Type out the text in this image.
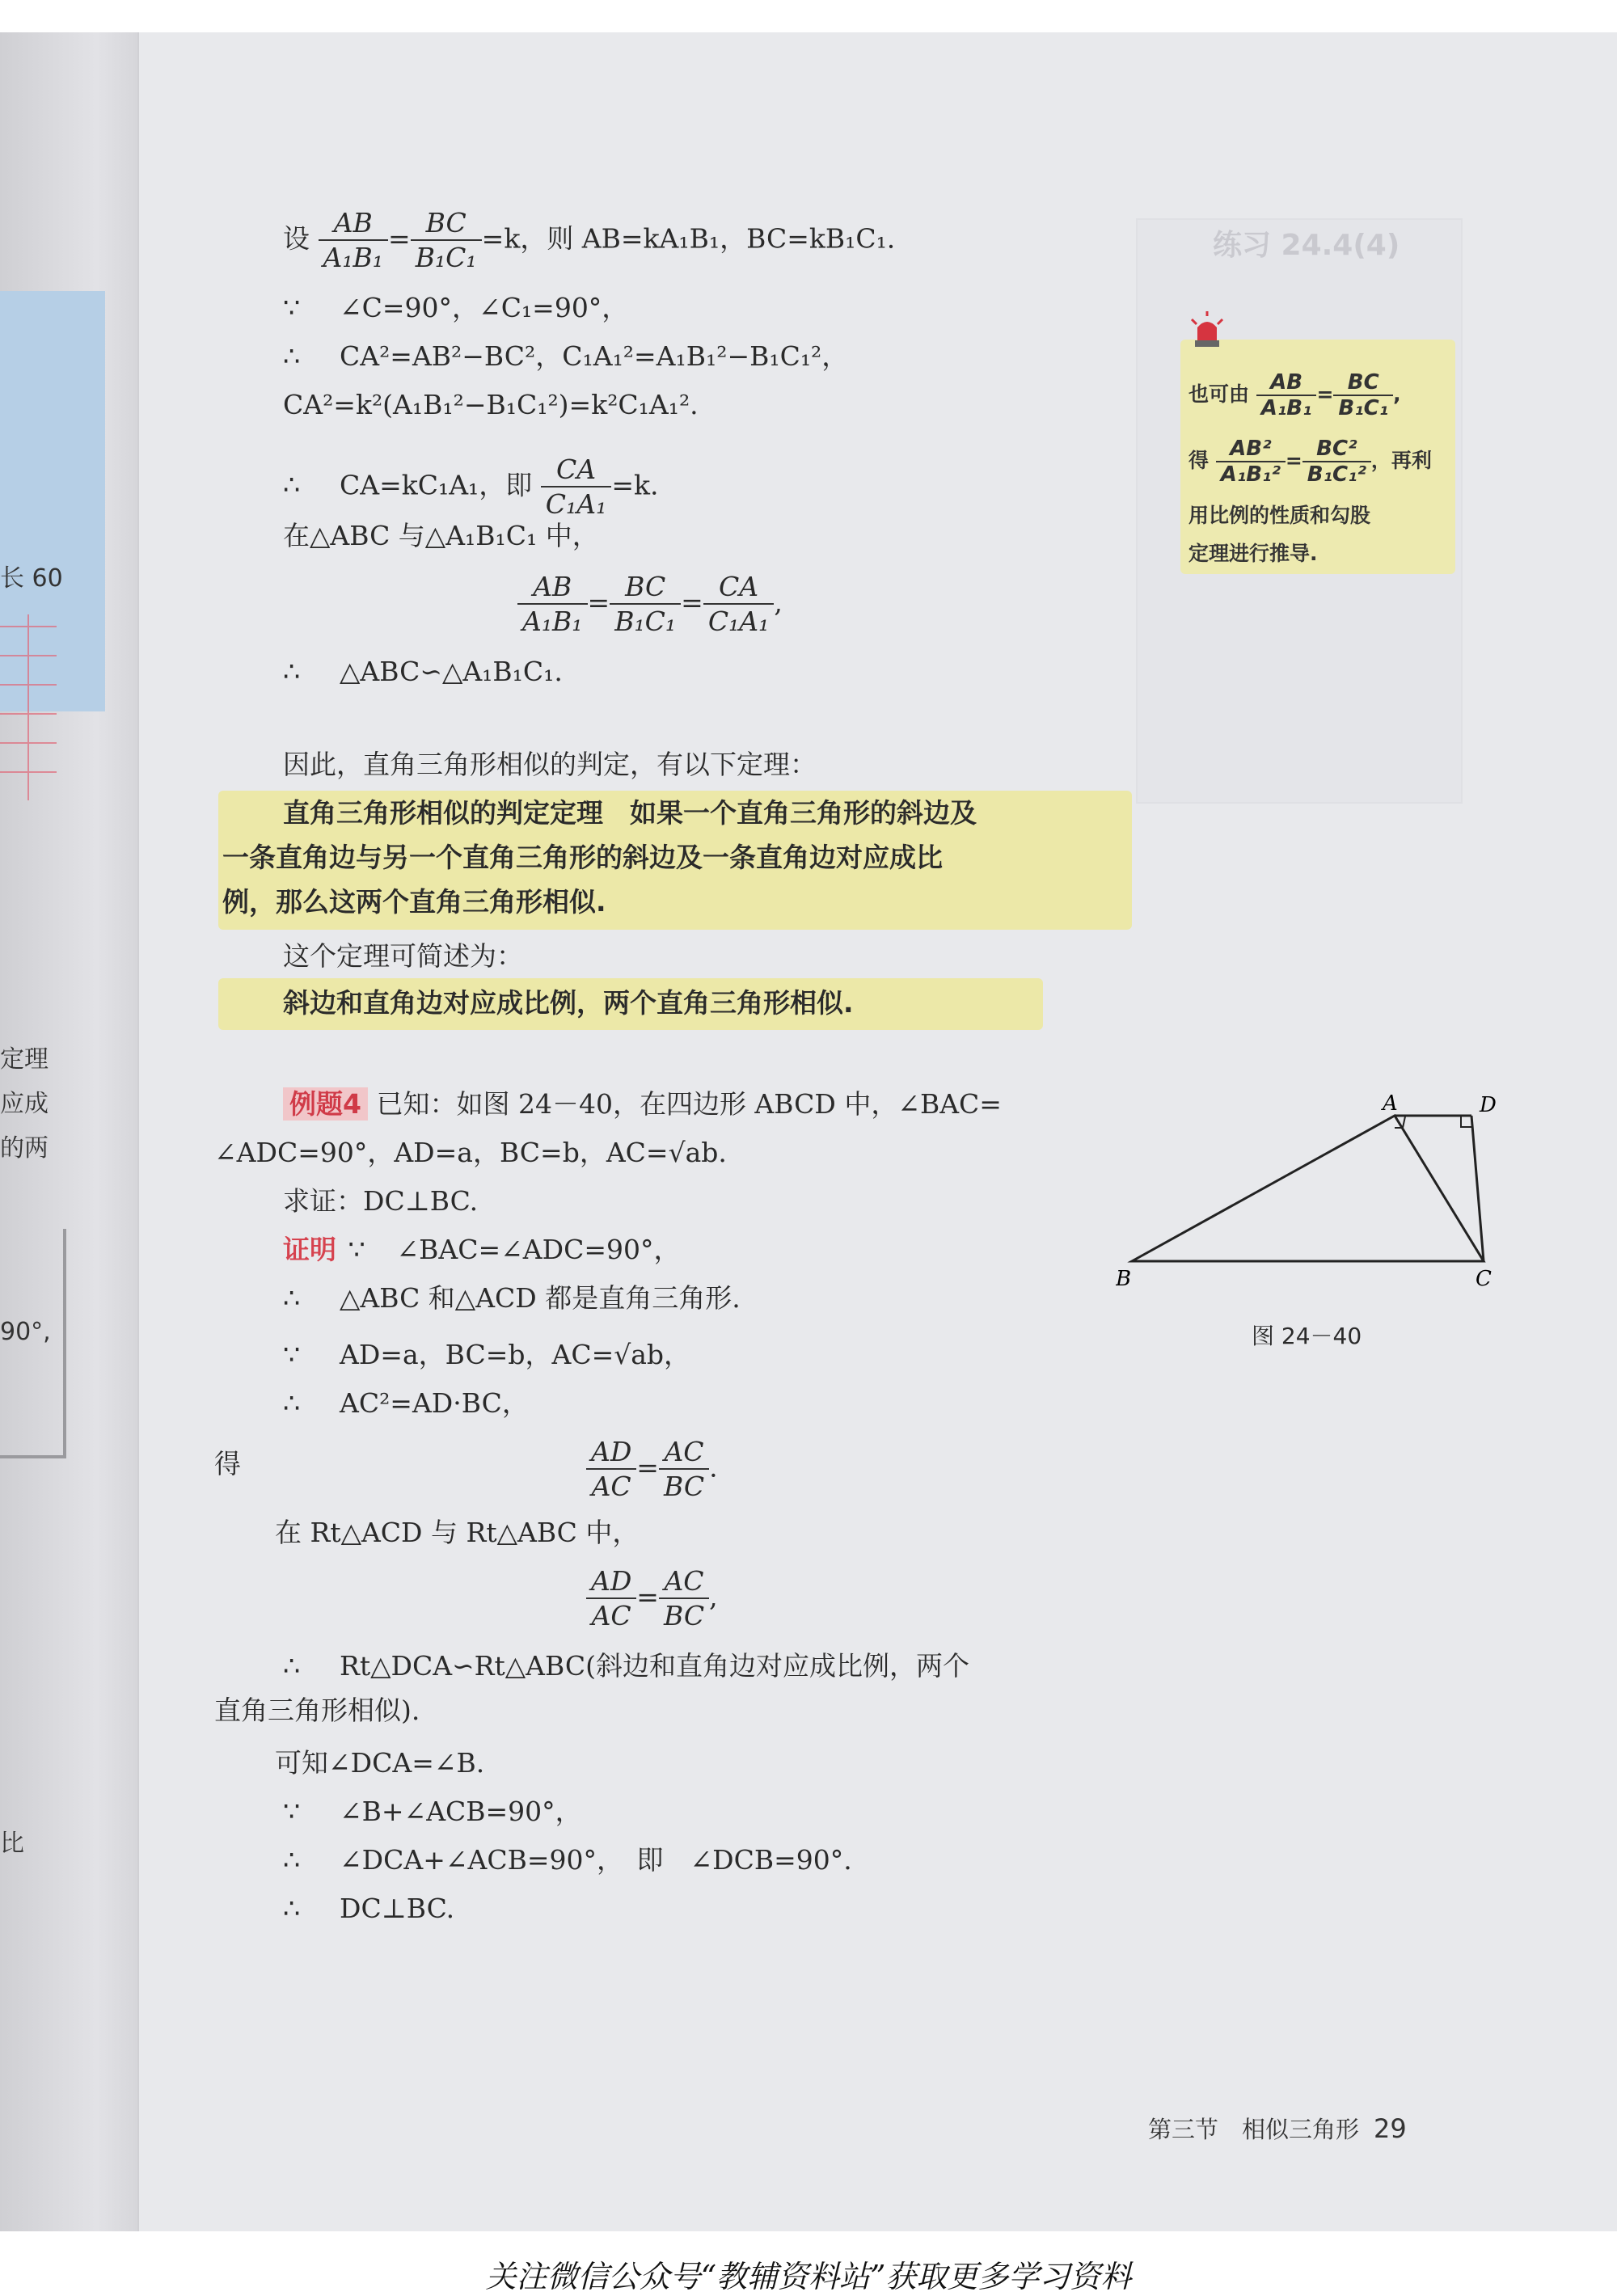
长 60
定理
应成
的两
90°,
比
练习 24.4(4)
设 $\frac{AB}{\text{A₁B₁}} = \frac{BC}{\text{B₁C₁}} =k$，则 AB=kA₁B₁，BC=kB₁C₁.
∵ ∠C=90°，∠C₁=90°，
∴ CA²=AB²−BC²，C₁A₁²=A₁B₁²−B₁C₁²，
CA²=k²(A₁B₁²−B₁C₁²)=k²C₁A₁².
∴ CA=kC₁A₁，即 $\frac{CA}{\text{C₁A₁}} =k$.
在△ABC 与△A₁B₁C₁ 中，
$\frac{AB}{\text{A₁B₁}} = \frac{BC}{\text{B₁C₁}} = \frac{CA}{\text{C₁A₁}}$ ,
∴ △ABC∽△A₁B₁C₁.
也可由 $\frac{AB}{\text{A₁B₁}} = \frac{BC}{\text{B₁C₁}}$ ,
得 $\frac{\text{AB²}}{\text{A₁B₁²}} = \frac{\text{BC²}}{\text{B₁C₁²}}$ ，再利
用比例的性质和勾股
定理进行推导.
因此，直角三角形相似的判定，有以下定理：
直角三角形相似的判定定理　 如果一个直角三角形的斜边及
一条直角边与另一个直角三角形的斜边及一条直角边对应成比
例，那么这两个直角三角形相似.
这个定理可简述为：
斜边和直角边对应成比例，两个直角三角形相似.
例题4 已知：如图 24－40，在四边形 ABCD 中，∠BAC=
∠ADC=90°，AD=a，BC=b，AC=√ab.
求证：DC⊥BC.
证明 ∵ ∠BAC=∠ADC=90°，
∴ △ABC 和△ACD 都是直角三角形.
∵ AD=a，BC=b，AC=√ab，
∴ AC²=AD·BC，
得	$\frac{AD}{AC} = \frac{AC}{BC}$ .
在 Rt△ACD 与 Rt△ABC 中，
$\frac{AD}{AC} = \frac{AC}{BC}$ ,
∴ Rt△DCA∽Rt△ABC(斜边和直角边对应成比例，两个
直角三角形相似).
可知∠DCA=∠B.
∵ ∠B+∠ACB=90°，
∴ ∠DCA+∠ACB=90°，　即　∠DCB=90°.
∴ DC⊥BC.
A	D
B	C
图 24－40
第三节　相似三角形 29
关注微信公众号“教辅资料站”获取更多学习资料
